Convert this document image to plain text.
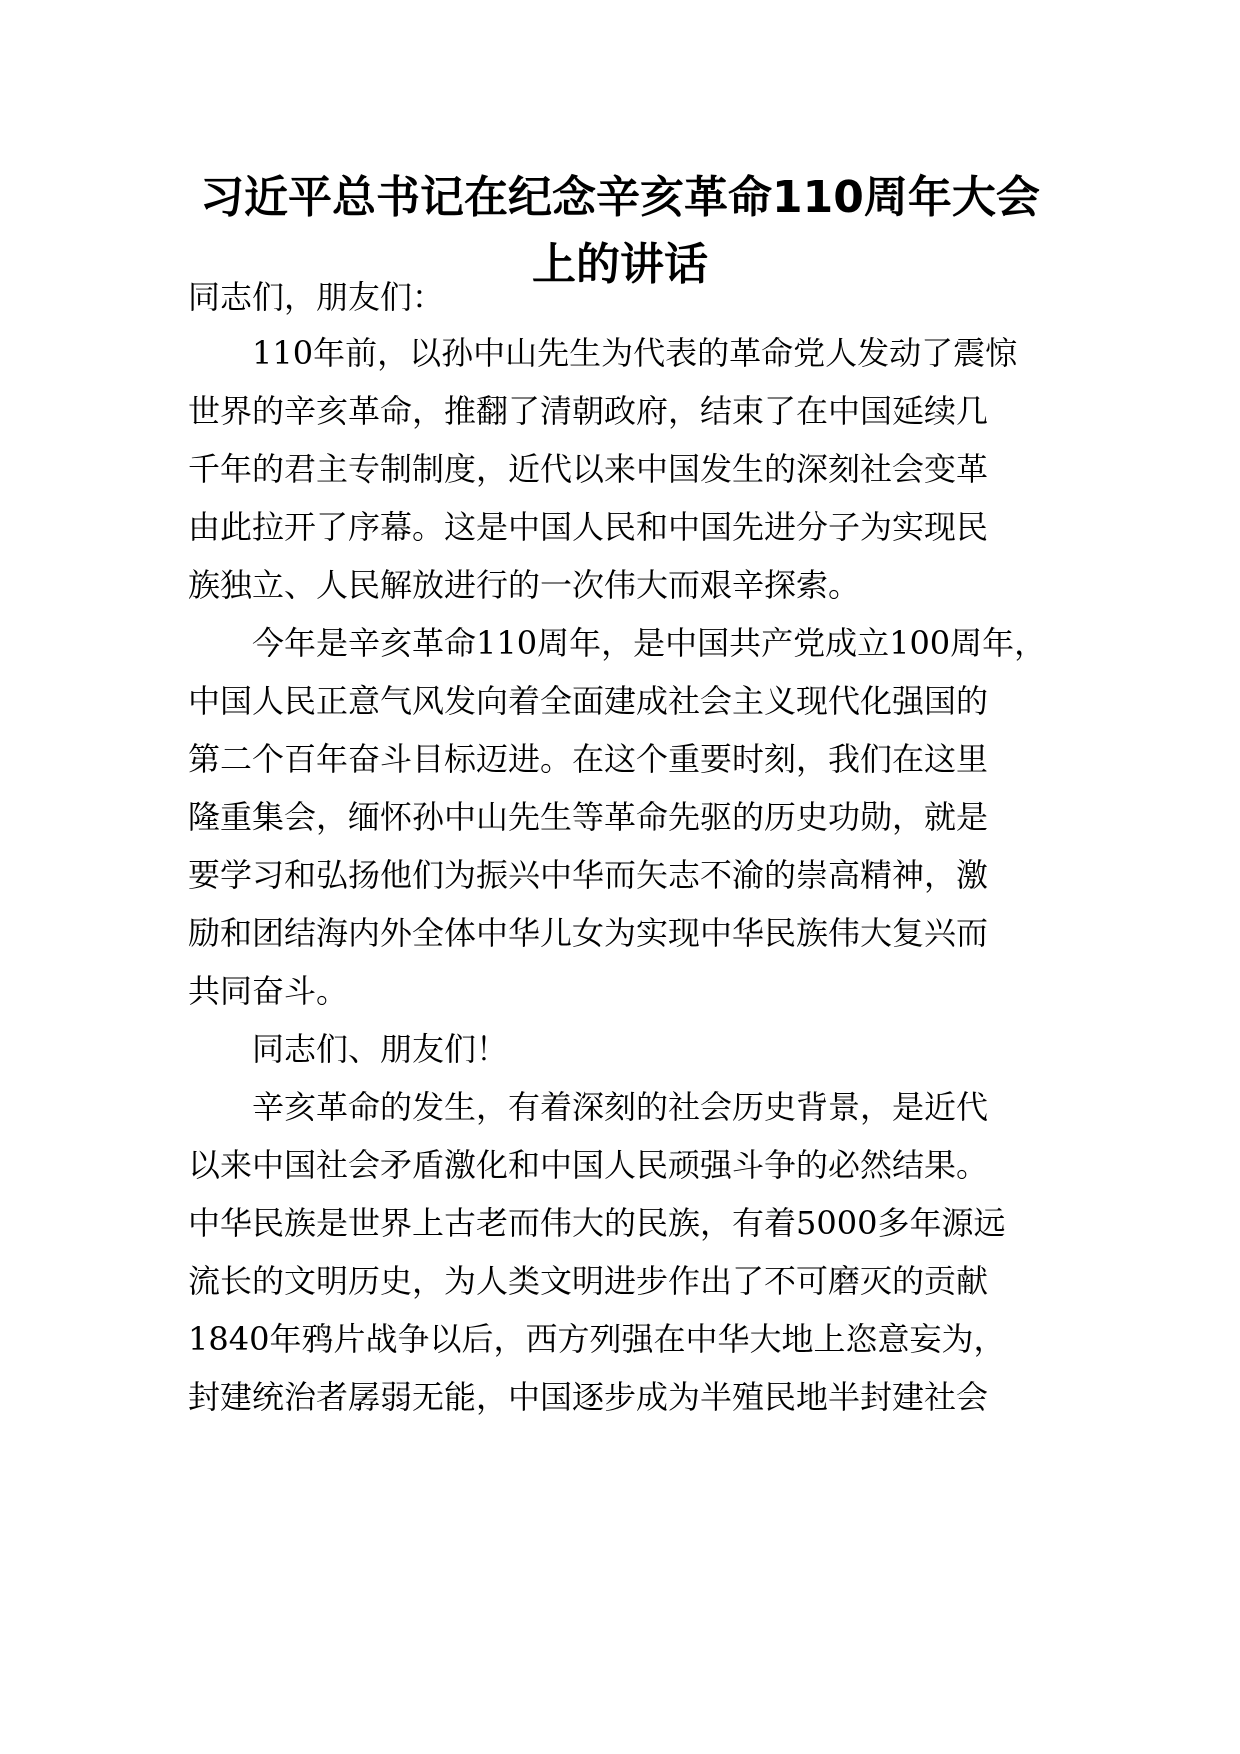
习近平总书记在纪念辛亥革命110周年大会
上的讲话
同志们，朋友们：
110年前，以孙中山先生为代表的革命党人发动了震惊
世界的辛亥革命，推翻了清朝政府，结束了在中国延续几
千年的君主专制制度，近代以来中国发生的深刻社会变革
由此拉开了序幕。这是中国人民和中国先进分子为实现民
族独立、人民解放进行的一次伟大而艰辛探索。
今年是辛亥革命110周年，是中国共产党成立100周年，
中国人民正意气风发向着全面建成社会主义现代化强国的
第二个百年奋斗目标迈进。在这个重要时刻，我们在这里
隆重集会，缅怀孙中山先生等革命先驱的历史功勋，就是
要学习和弘扬他们为振兴中华而矢志不渝的崇高精神，激
励和团结海内外全体中华儿女为实现中华民族伟大复兴而
共同奋斗。
同志们、朋友们！
辛亥革命的发生，有着深刻的社会历史背景，是近代
以来中国社会矛盾激化和中国人民顽强斗争的必然结果。
中华民族是世界上古老而伟大的民族，有着5000多年源远
流长的文明历史，为人类文明进步作出了不可磨灭的贡献
1840年鸦片战争以后，西方列强在中华大地上恣意妄为，
封建统治者孱弱无能，中国逐步成为半殖民地半封建社会
